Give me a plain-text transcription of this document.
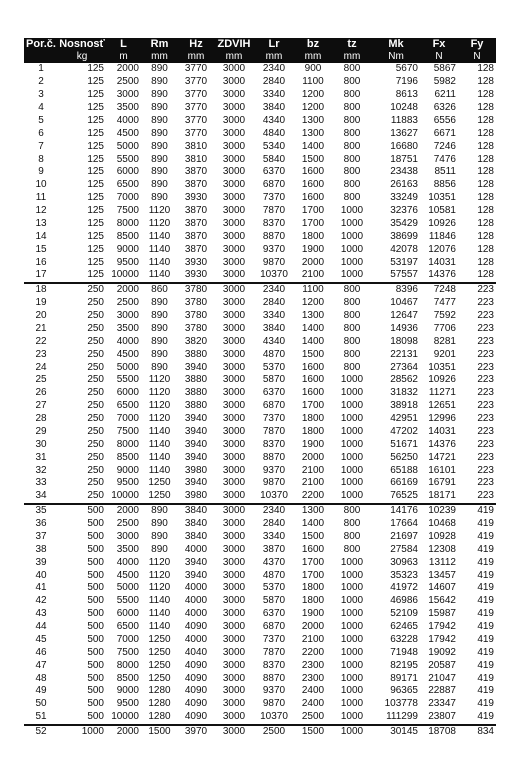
Por.č.	Nosnosť	L	Rm	Hz	ZDVIH	Lr	bz	tz	Mk	Fx	Fy
	kg	m	mm	mm	mm	mm	mm	mm	Nm	N	N
1	125	2000	890	3770	3000	2340	900	800	5670	5867	128
2	125	2500	890	3770	3000	2840	1100	800	7196	5982	128
3	125	3000	890	3770	3000	3340	1200	800	8613	6211	128
4	125	3500	890	3770	3000	3840	1200	800	10248	6326	128
5	125	4000	890	3770	3000	4340	1300	800	11883	6556	128
6	125	4500	890	3770	3000	4840	1300	800	13627	6671	128
7	125	5000	890	3810	3000	5340	1400	800	16680	7246	128
8	125	5500	890	3810	3000	5840	1500	800	18751	7476	128
9	125	6000	890	3870	3000	6370	1600	800	23438	8511	128
10	125	6500	890	3870	3000	6870	1600	800	26163	8856	128
11	125	7000	890	3930	3000	7370	1600	800	33249	10351	128
12	125	7500	1120	3870	3000	7870	1700	1000	32376	10581	128
13	125	8000	1120	3870	3000	8370	1700	1000	35429	10926	128
14	125	8500	1140	3870	3000	8870	1800	1000	38699	11846	128
15	125	9000	1140	3870	3000	9370	1900	1000	42078	12076	128
16	125	9500	1140	3930	3000	9870	2000	1000	53197	14031	128
17	125	10000	1140	3930	3000	10370	2100	1000	57557	14376	128
18	250	2000	860	3780	3000	2340	1100	800	8396	7248	223
19	250	2500	890	3780	3000	2840	1200	800	10467	7477	223
20	250	3000	890	3780	3000	3340	1300	800	12647	7592	223
21	250	3500	890	3780	3000	3840	1400	800	14936	7706	223
22	250	4000	890	3820	3000	4340	1400	800	18098	8281	223
23	250	4500	890	3880	3000	4870	1500	800	22131	9201	223
24	250	5000	890	3940	3000	5370	1600	800	27364	10351	223
25	250	5500	1120	3880	3000	5870	1600	1000	28562	10926	223
26	250	6000	1120	3880	3000	6370	1600	1000	31832	11271	223
27	250	6500	1120	3880	3000	6870	1700	1000	38918	12651	223
28	250	7000	1120	3940	3000	7370	1800	1000	42951	12996	223
29	250	7500	1140	3940	3000	7870	1800	1000	47202	14031	223
30	250	8000	1140	3940	3000	8370	1900	1000	51671	14376	223
31	250	8500	1140	3940	3000	8870	2000	1000	56250	14721	223
32	250	9000	1140	3980	3000	9370	2100	1000	65188	16101	223
33	250	9500	1250	3940	3000	9870	2100	1000	66169	16791	223
34	250	10000	1250	3980	3000	10370	2200	1000	76525	18171	223
35	500	2000	890	3840	3000	2340	1300	800	14176	10239	419
36	500	2500	890	3840	3000	2840	1400	800	17664	10468	419
37	500	3000	890	3840	3000	3340	1500	800	21697	10928	419
38	500	3500	890	4000	3000	3870	1600	800	27584	12308	419
39	500	4000	1120	3940	3000	4370	1700	1000	30963	13112	419
40	500	4500	1120	3940	3000	4870	1700	1000	35323	13457	419
41	500	5000	1120	4000	3000	5370	1800	1000	41972	14607	419
42	500	5500	1140	4000	3000	5870	1800	1000	46986	15642	419
43	500	6000	1140	4000	3000	6370	1900	1000	52109	15987	419
44	500	6500	1140	4090	3000	6870	2000	1000	62465	17942	419
45	500	7000	1250	4000	3000	7370	2100	1000	63228	17942	419
46	500	7500	1250	4040	3000	7870	2200	1000	71948	19092	419
47	500	8000	1250	4090	3000	8370	2300	1000	82195	20587	419
48	500	8500	1250	4090	3000	8870	2300	1000	89171	21047	419
49	500	9000	1280	4090	3000	9370	2400	1000	96365	22887	419
50	500	9500	1280	4090	3000	9870	2400	1000	103778	23347	419
51	500	10000	1280	4090	3000	10370	2500	1000	111299	23807	419
52	1000	2000	1500	3970	3000	2500	1500	1000	30145	18708	834
